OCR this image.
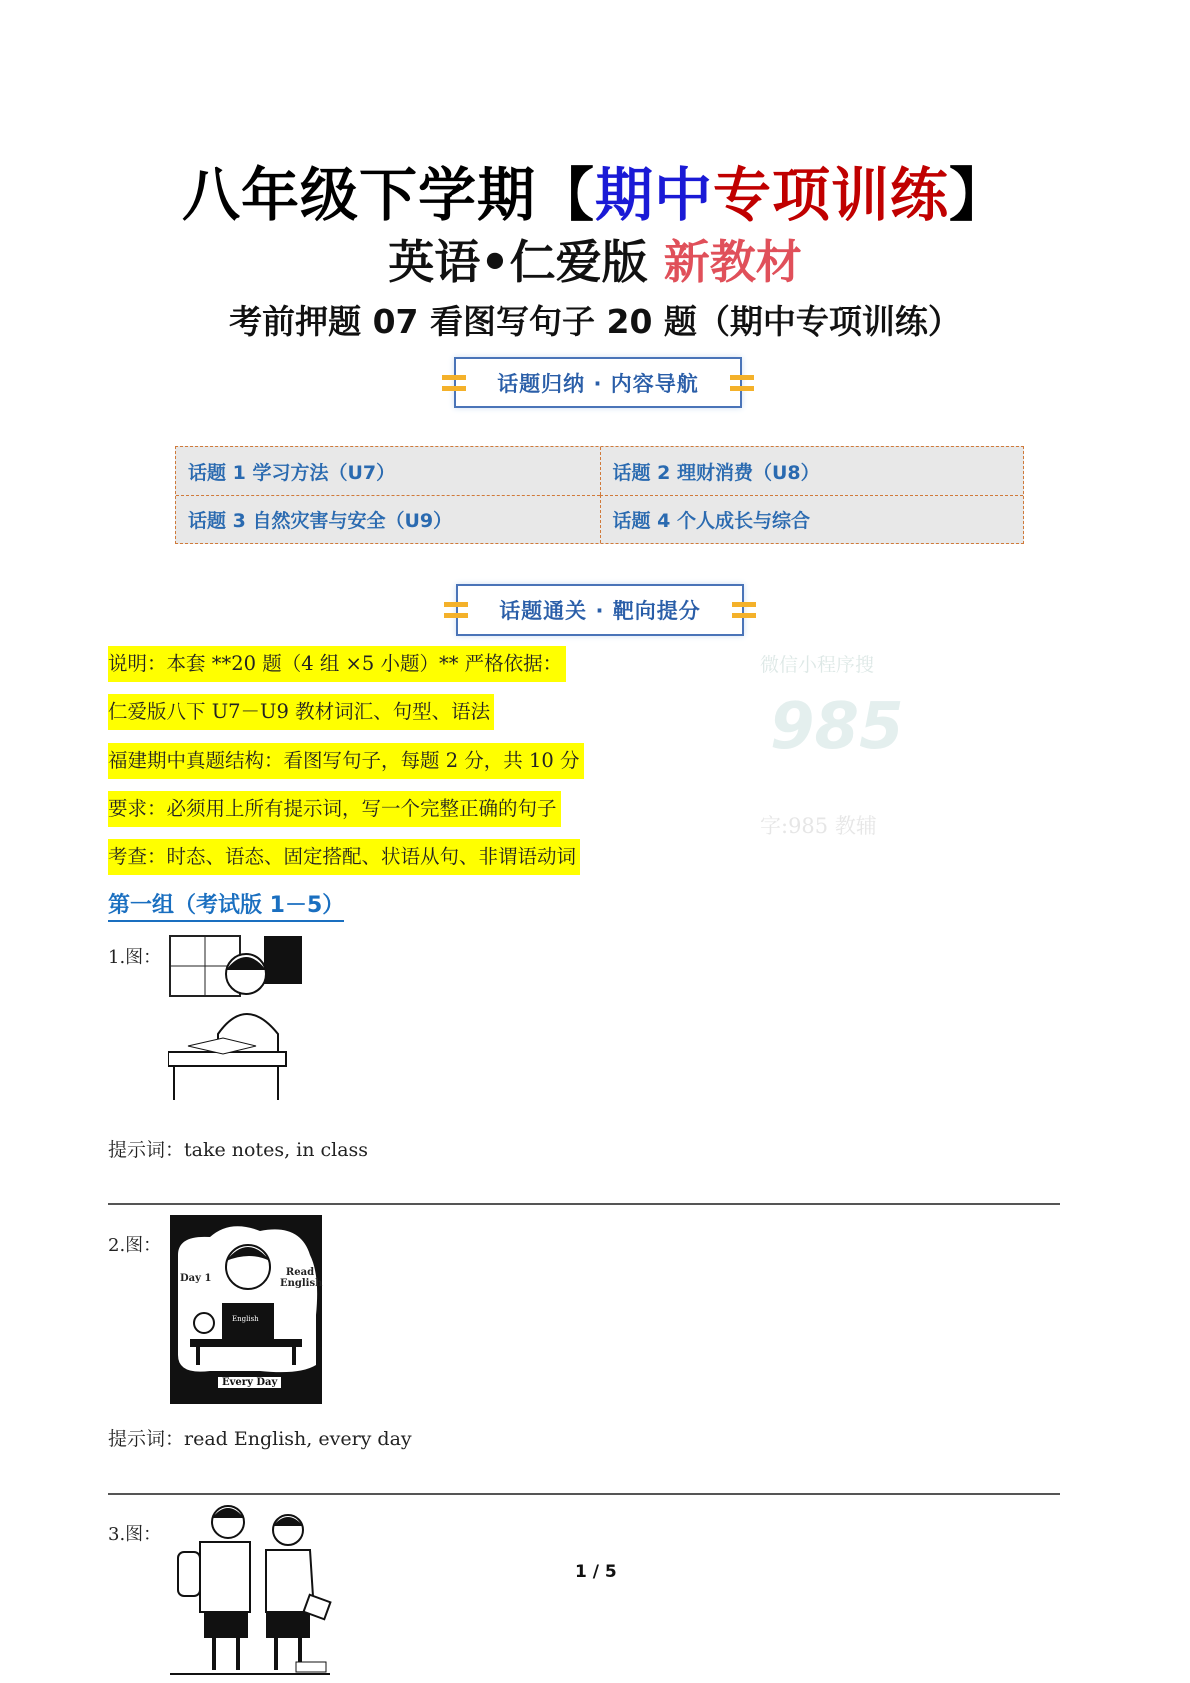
八年级下学期【期中专项训练】
英语•仁爱版 新教材
考前押题 07 看图写句子 20 题（期中专项训练）
话题归纳 · 内容导航
话题 1 学习方法（U7）	话题 2 理财消费（U8）
话题 3 自然灾害与安全（U9）	话题 4 个人成长与综合
话题通关 · 靶向提分
微信小程序搜
985
字:985 教辅
说明：本套 **20 题（4 组 ×5 小题）** 严格依据：
仁爱版八下 U7－U9 教材词汇、句型、语法
福建期中真题结构：看图写句子，每题 2 分，共 10 分
要求：必须用上所有提示词，写一个完整正确的句子
考查：时态、语态、固定搭配、状语从句、非谓语动词
第一组（考试版 1－5）
1.图：
提示词：take notes, in class
2.图：
Day 1
Read English
English
Every Day
提示词：read English, every day
3.图：
1 / 5
